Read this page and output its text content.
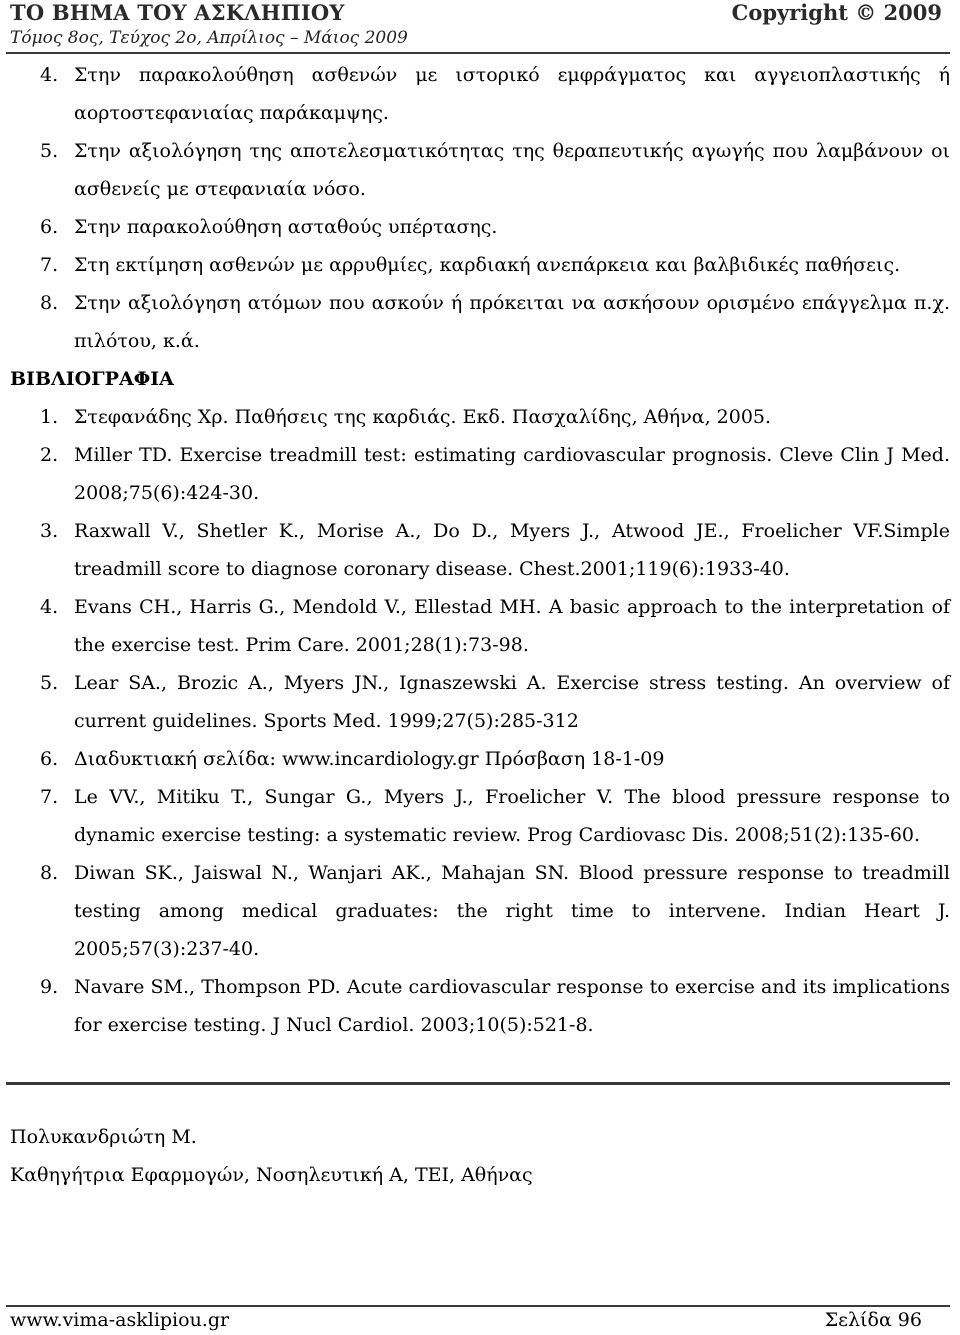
ΤΟ ΒΗΜΑ ΤΟΥ ΑΣΚΛΗΠΙΟΥ	Copyright © 2009
Τόμος 8ος, Τεύχος 2ο, Απρίλιος – Μάιος 2009
4. Στην παρακολούθηση ασθενών με ιστορικό εμφράγματος και αγγειοπλαστικής ή αορτοστεφανιαίας παράκαμψης.
5. Στην αξιολόγηση της αποτελεσματικότητας της θεραπευτικής αγωγής που λαμβάνουν οι ασθενείς με στεφανιαία νόσο.
6. Στην παρακολούθηση ασταθούς υπέρτασης.
7. Στη εκτίμηση ασθενών με αρρυθμίες, καρδιακή ανεπάρκεια και βαλβιδικές παθήσεις.
8. Στην αξιολόγηση ατόμων που ασκούν ή πρόκειται να ασκήσουν ορισμένο επάγγελμα π.χ. πιλότου, κ.ά.
ΒΙΒΛΙΟΓΡΑΦΙΑ
1. Στεφανάδης Χρ. Παθήσεις της καρδιάς. Εκδ. Πασχαλίδης, Αθήνα, 2005.
2. Miller TD. Exercise treadmill test: estimating cardiovascular prognosis. Cleve Clin J Med. 2008;75(6):424-30.
3. Raxwall V., Shetler K., Morise A., Do D., Myers J., Atwood JE., Froelicher VF.Simple treadmill score to diagnose coronary disease. Chest.2001;119(6):1933-40.
4. Evans CH., Harris G., Mendold V., Ellestad MH. A basic approach to the interpretation of the exercise test. Prim Care. 2001;28(1):73-98.
5. Lear SA., Brozic A., Myers JN., Ignaszewski A. Exercise stress testing. An overview of current guidelines. Sports Med. 1999;27(5):285-312
6. Διαδυκτιακή σελίδα: www.incardiology.gr Πρόσβαση 18-1-09
7. Le VV., Mitiku T., Sungar G., Myers J., Froelicher V. The blood pressure response to dynamic exercise testing: a systematic review. Prog Cardiovasc Dis. 2008;51(2):135-60.
8. Diwan SK., Jaiswal N., Wanjari AK., Mahajan SN. Blood pressure response to treadmill testing among medical graduates: the right time to intervene. Indian Heart J. 2005;57(3):237-40.
9. Navare SM., Thompson PD. Acute cardiovascular response to exercise and its implications for exercise testing. J Nucl Cardiol. 2003;10(5):521-8.
Πολυκανδριώτη Μ.
Καθηγήτρια Εφαρμογών, Νοσηλευτική Α, ΤΕΙ, Αθήνας
www.vima-asklipiou.gr	Σελίδα 96
